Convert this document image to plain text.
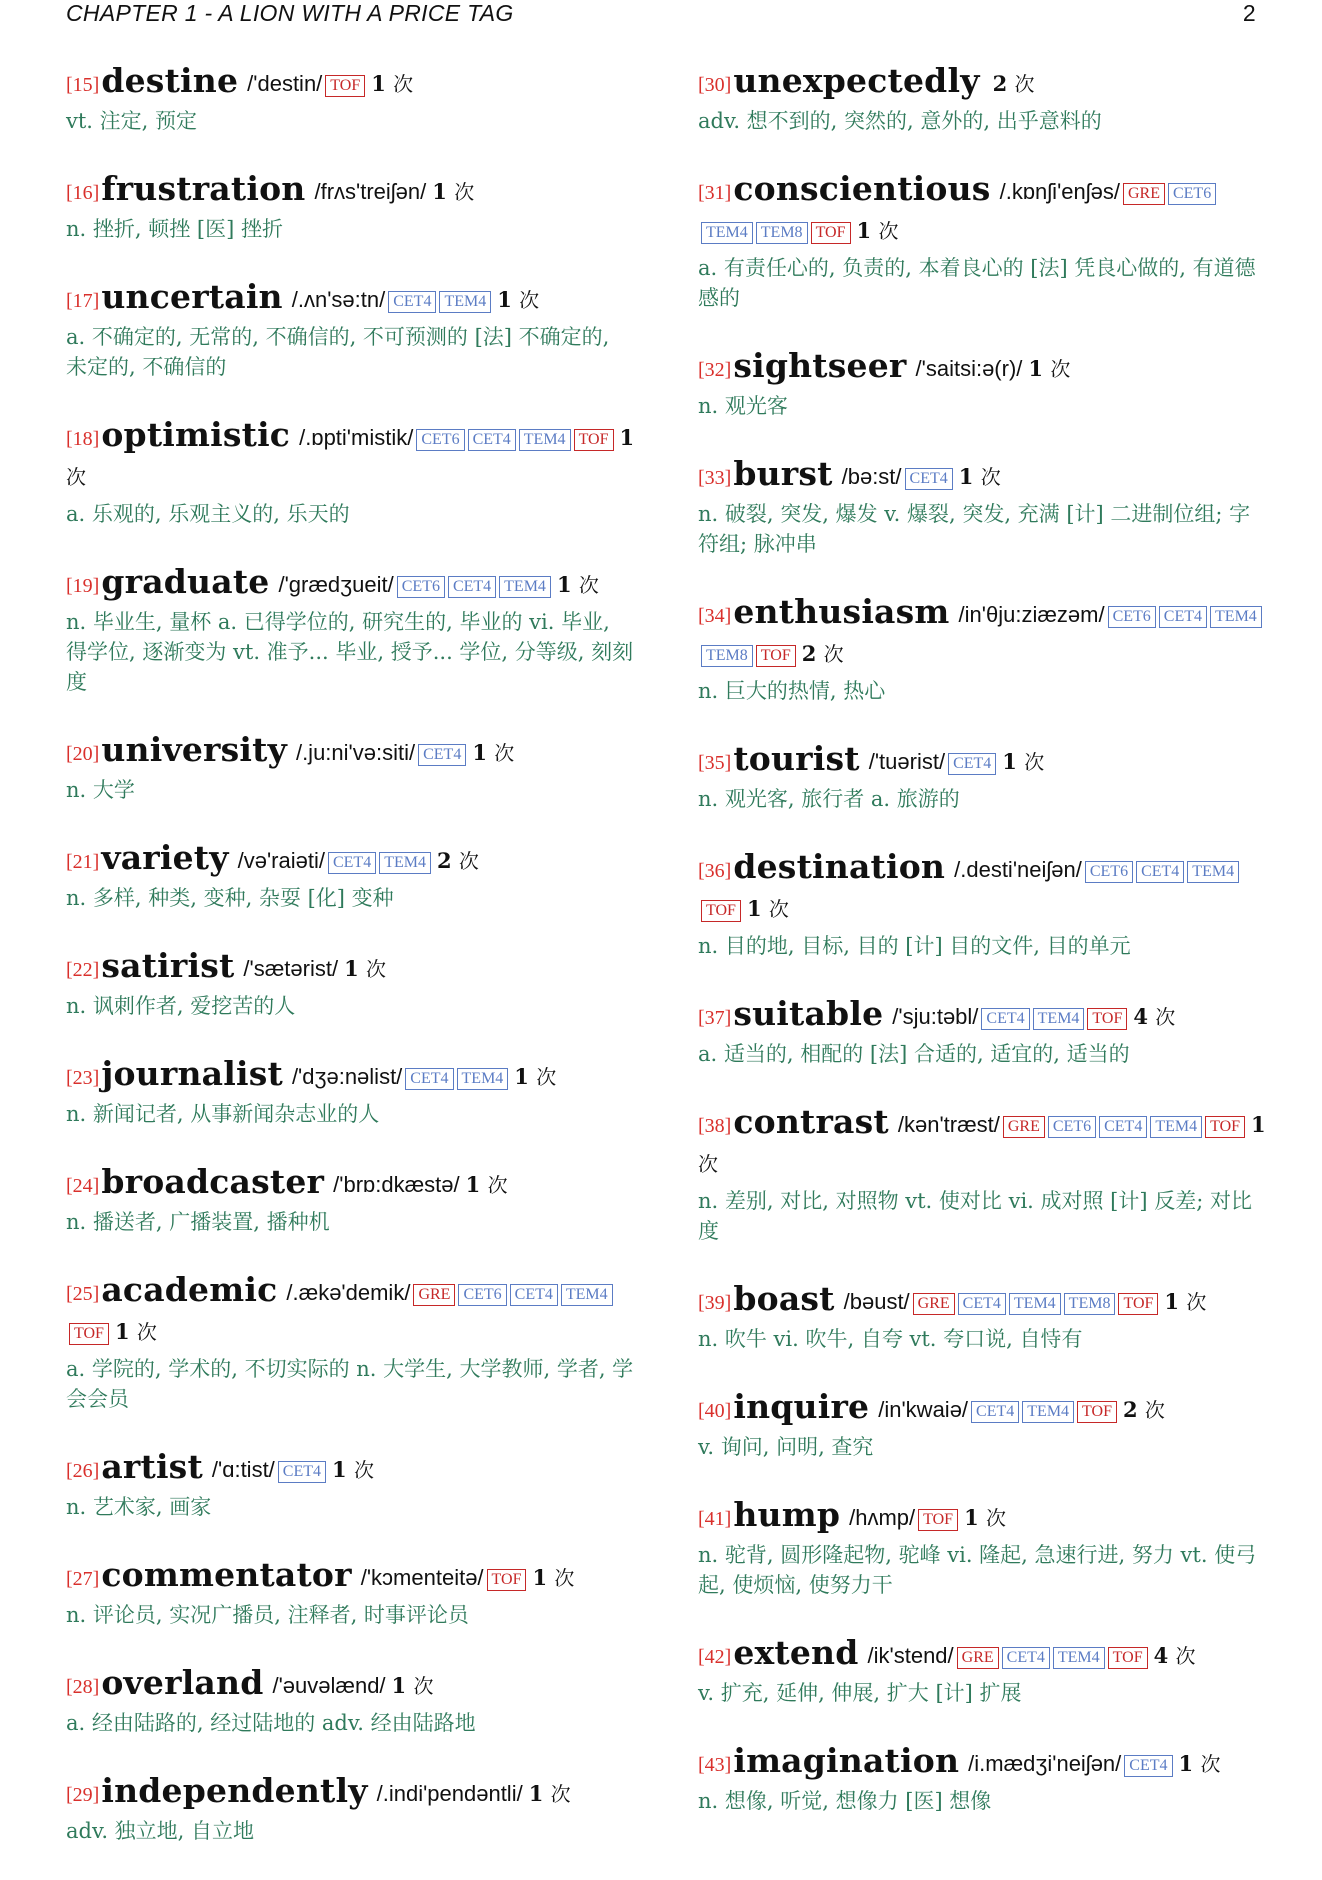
CHAPTER 1 - A LION WITH A PRICE TAG	2
[15]destine /'destin/ TOF 1 次
vt. 注定, 预定
[16]frustration /frʌs'treiʃən/ 1 次
n. 挫折, 顿挫 [医] 挫折
[17]uncertain /.ʌn'sə:tn/ CET4 TEM4 1 次
a. 不确定的, 无常的, 不确信的, 不可预测的 [法] 不确定的, 未定的, 不确信的
[18]optimistic /.ɒpti'mistik/ CET6 CET4 TEM4 TOF 1 次
a. 乐观的, 乐观主义的, 乐天的
[19]graduate /'grædʒueit/ CET6 CET4 TEM4 1 次
n. 毕业生, 量杯 a. 已得学位的, 研究生的, 毕业的 vi. 毕业, 得学位, 逐渐变为 vt. 准予... 毕业, 授予... 学位, 分等级, 刻刻度
[20]university /.ju:ni'və:siti/ CET4 1 次
n. 大学
[21]variety /və'raiəti/ CET4 TEM4 2 次
n. 多样, 种类, 变种, 杂耍 [化] 变种
[22]satirist /'sætərist/ 1 次
n. 讽刺作者, 爱挖苦的人
[23]journalist /'dʒə:nəlist/ CET4 TEM4 1 次
n. 新闻记者, 从事新闻杂志业的人
[24]broadcaster /'brɒ:dkæstə/ 1 次
n. 播送者, 广播装置, 播种机
[25]academic /.ækə'demik/ GRE CET6 CET4 TEM4TOF 1 次
a. 学院的, 学术的, 不切实际的 n. 大学生, 大学教师, 学者, 学会会员
[26]artist /'ɑ:tist/ CET4 1 次
n. 艺术家, 画家
[27]commentator /'kɔmenteitə/ TOF 1 次
n. 评论员, 实况广播员, 注释者, 时事评论员
[28]overland /'əuvəlænd/ 1 次
a. 经由陆路的, 经过陆地的 adv. 经由陆路地
[29]independently /.indi'pendəntli/ 1 次
adv. 独立地, 自立地
[30]unexpectedly 2 次
adv. 想不到的, 突然的, 意外的, 出乎意料的
[31]conscientious /.kɒnʃi'enʃəs/ GRE CET6TEM4 TEM8 TOF 1 次
a. 有责任心的, 负责的, 本着良心的 [法] 凭良心做的, 有道德感的
[32]sightseer /'saitsi:ə(r)/ 1 次
n. 观光客
[33]burst /bə:st/ CET4 1 次
n. 破裂, 突发, 爆发 v. 爆裂, 突发, 充满 [计] 二进制位组; 字符组; 脉冲串
[34]enthusiasm /in'θju:ziæzəm/ CET6 CET4 TEM4TEM8 TOF 2 次
n. 巨大的热情, 热心
[35]tourist /'tuərist/ CET4 1 次
n. 观光客, 旅行者 a. 旅游的
[36]destination /.desti'neiʃən/ CET6 CET4 TEM4TOF 1 次
n. 目的地, 目标, 目的 [计] 目的文件, 目的单元
[37]suitable /'sju:təbl/ CET4 TEM4 TOF 4 次
a. 适当的, 相配的 [法] 合适的, 适宜的, 适当的
[38]contrast /kən'træst/ GRE CET6 CET4 TEM4 TOF 1 次
n. 差别, 对比, 对照物 vt. 使对比 vi. 成对照 [计] 反差; 对比度
[39]boast /bəust/ GRE CET4 TEM4 TEM8 TOF 1 次
n. 吹牛 vi. 吹牛, 自夸 vt. 夸口说, 自恃有
[40]inquire /in'kwaiə/ CET4 TEM4 TOF 2 次
v. 询问, 问明, 查究
[41]hump /hʌmp/ TOF 1 次
n. 驼背, 圆形隆起物, 驼峰 vi. 隆起, 急速行进, 努力 vt. 使弓起, 使烦恼, 使努力干
[42]extend /ik'stend/ GRE CET4 TEM4 TOF 4 次
v. 扩充, 延伸, 伸展, 扩大 [计] 扩展
[43]imagination /i.mædʒi'neiʃən/ CET4 1 次
n. 想像, 听觉, 想像力 [医] 想像
